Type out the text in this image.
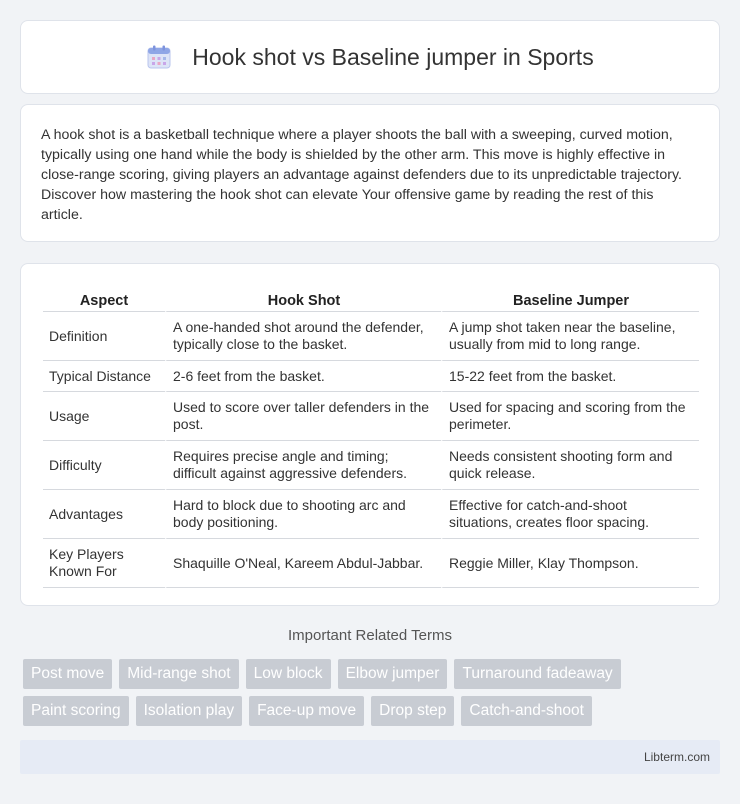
Hook shot vs Baseline jumper in Sports

A hook shot is a basketball technique where a player shoots the ball with a sweeping, curved motion, typically using one hand while the body is shielded by the other arm. This move is highly effective in close-range scoring, giving players an advantage against defenders due to its unpredictable trajectory. Discover how mastering the hook shot can elevate Your offensive game by reading the rest of this article.

Aspect	Hook Shot	Baseline Jumper
Definition	A one-handed shot around the defender, typically close to the basket.	A jump shot taken near the baseline, usually from mid to long range.
Typical Distance	2-6 feet from the basket.	15-22 feet from the basket.
Usage	Used to score over taller defenders in the post.	Used for spacing and scoring from the perimeter.
Difficulty	Requires precise angle and timing; difficult against aggressive defenders.	Needs consistent shooting form and quick release.
Advantages	Hard to block due to shooting arc and body positioning.	Effective for catch-and-shoot situations, creates floor spacing.
Key Players Known For	Shaquille O'Neal, Kareem Abdul-Jabbar.	Reggie Miller, Klay Thompson.
Important Related Terms
Post move	Mid-range shot	Low block	Elbow jumper	Turnaround fadeaway
Paint scoring	Isolation play	Face-up move	Drop step	Catch-and-shoot
Libterm.com
